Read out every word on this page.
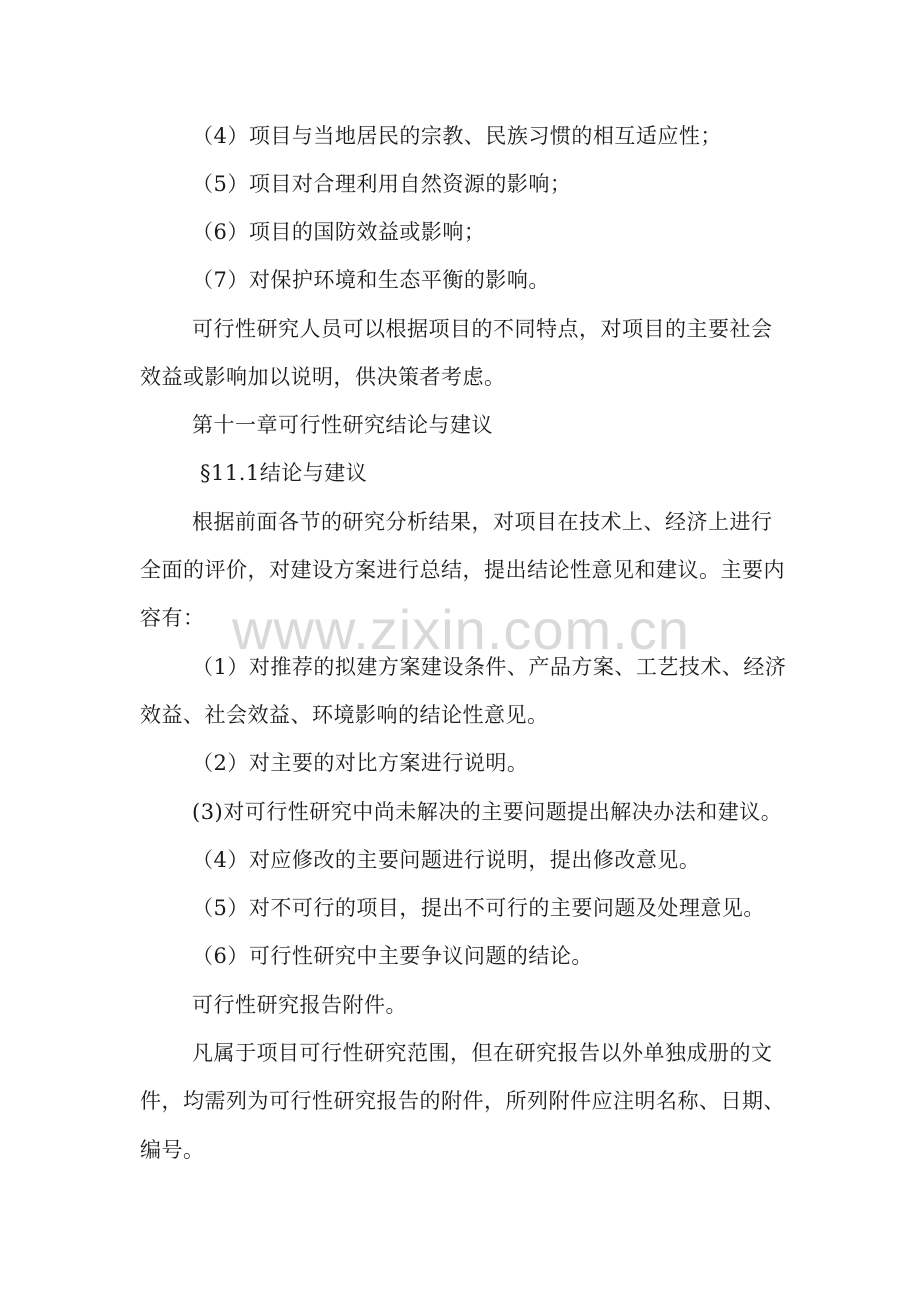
www.zixin.com.cn
（4）项目与当地居民的宗教、民族习惯的相互适应性；
（5）项目对合理利用自然资源的影响；
（6）项目的国防效益或影响；
（7）对保护环境和生态平衡的影响。
可行性研究人员可以根据项目的不同特点，对项目的主要社会
效益或影响加以说明，供决策者考虑。
第十一章可行性研究结论与建议
§11.1结论与建议
根据前面各节的研究分析结果，对项目在技术上、经济上进行
全面的评价，对建设方案进行总结，提出结论性意见和建议。主要内
容有：
（1）对推荐的拟建方案建设条件、产品方案、工艺技术、经济
效益、社会效益、环境影响的结论性意见。
（2）对主要的对比方案进行说明。
(3)对可行性研究中尚未解决的主要问题提出解决办法和建议。
（4）对应修改的主要问题进行说明，提出修改意见。
（5）对不可行的项目，提出不可行的主要问题及处理意见。
（6）可行性研究中主要争议问题的结论。
可行性研究报告附件。
凡属于项目可行性研究范围，但在研究报告以外单独成册的文
件，均需列为可行性研究报告的附件，所列附件应注明名称、日期、
编号。
